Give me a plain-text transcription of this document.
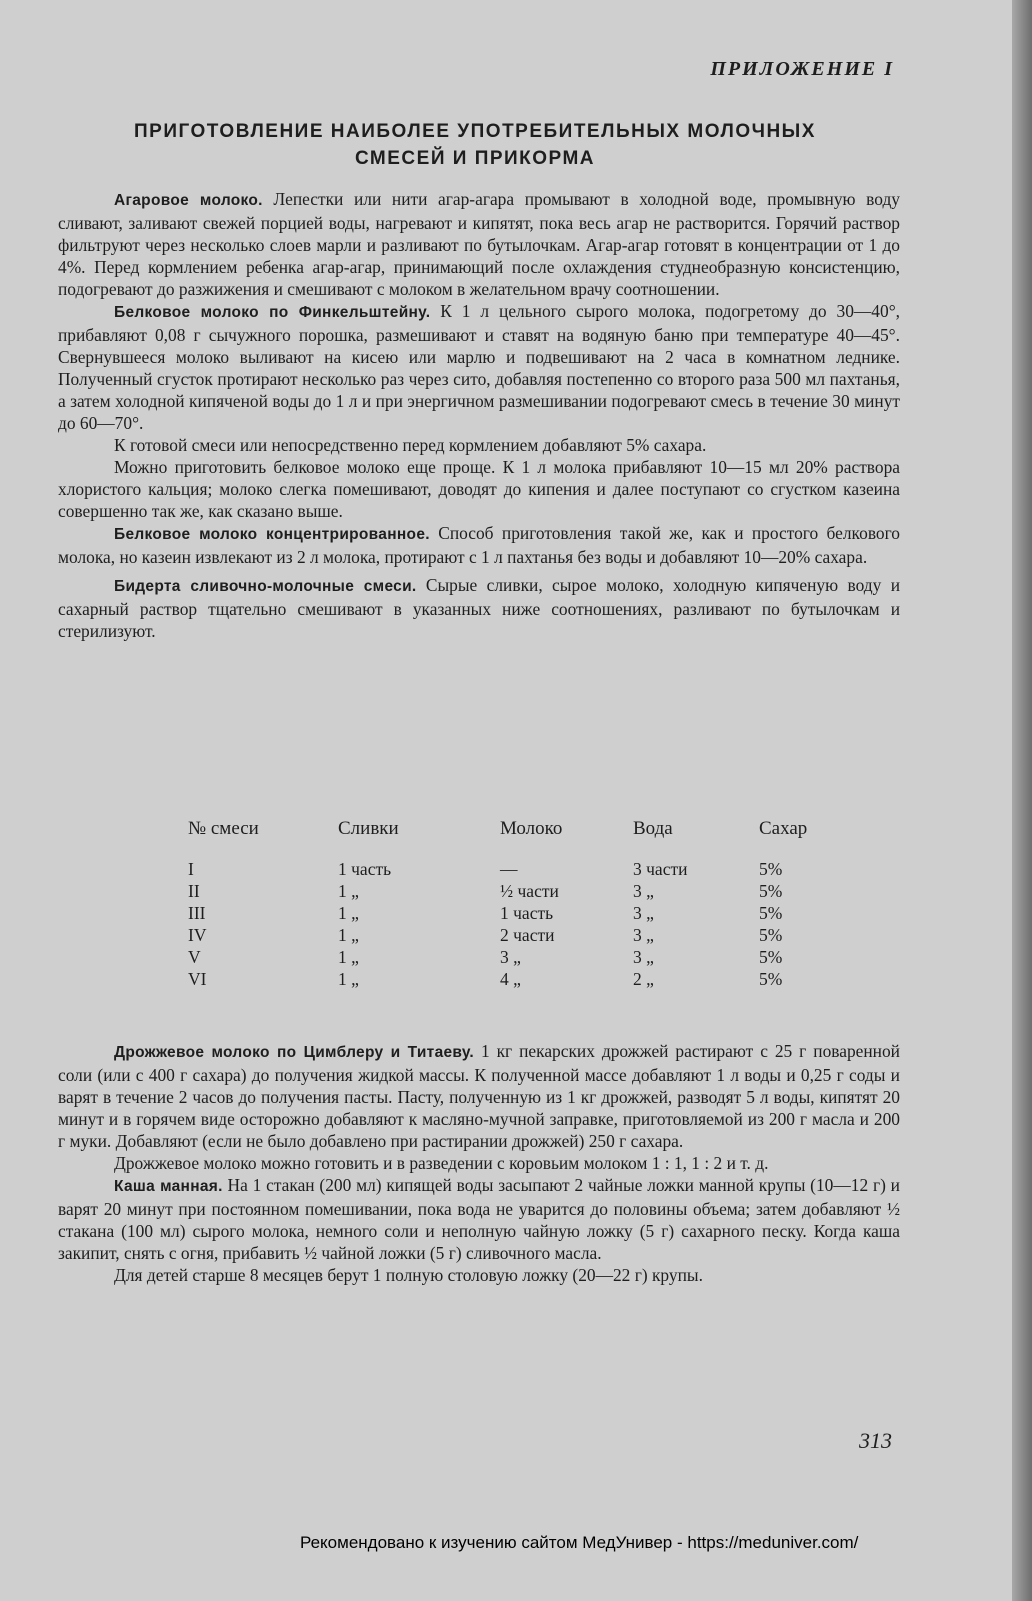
ПРИЛОЖЕНИЕ I
ПРИГОТОВЛЕНИЕ НАИБОЛЕЕ УПОТРЕБИТЕЛЬНЫХ МОЛОЧНЫХ
СМЕСЕЙ И ПРИКОРМА

Агаровое молоко. Лепестки или нити агар-агара промывают в холодной воде, промывную воду сливают, заливают свежей порцией воды, нагревают и кипятят, пока весь агар не растворится. Горячий раствор фильтруют через несколько слоев марли и разливают по бутылочкам. Агар-агар готовят в концентрации от 1 до 4%. Перед кормлением ребенка агар-агар, принимающий после охлаждения студнеобразную консистенцию, подогревают до разжижения и смешивают с молоком в желательном врачу соотношении.

Белковое молоко по Финкельштейну. К 1 л цельного сырого молока, подогретому до 30—40°, прибавляют 0,08 г сычужного порошка, размешивают и ставят на водяную баню при температуре 40—45°. Свернувшееся молоко выливают на кисею или марлю и подвешивают на 2 часа в комнатном леднике. Полученный сгусток протирают несколько раз через сито, добавляя постепенно со второго раза 500 мл пахтанья, а затем холодной кипяченой воды до 1 л и при энергичном размешивании подогревают смесь в течение 30 минут до 60—70°.

К готовой смеси или непосредственно перед кормлением добавляют 5% сахара.

Можно приготовить белковое молоко еще проще. К 1 л молока прибавляют 10—15 мл 20% раствора хлористого кальция; молоко слегка помешивают, доводят до кипения и далее поступают со сгустком казеина совершенно так же, как сказано выше.

Белковое молоко концентрированное. Способ приготовления такой же, как и простого белкового молока, но казеин извлекают из 2 л молока, протирают с 1 л пахтанья без воды и добавляют 10—20% сахара.

Бидерта сливочно-молочные смеси. Сырые сливки, сырое молоко, холодную кипяченую воду и сахарный раствор тщательно смешивают в указанных ниже соотношениях, разливают по бутылочкам и стерилизуют.

№ смеси	Сливки	Молоко	Вода	Сахар
I	1 часть	—	3 части	5%
II	1 „	½ части	3 „	5%
III	1 „	1 часть	3 „	5%
IV	1 „	2 части	3 „	5%
V	1 „	3 „	3 „	5%
VI	1 „	4 „	2 „	5%

Дрожжевое молоко по Цимблеру и Титаеву. 1 кг пекарских дрожжей растирают с 25 г поваренной соли (или с 400 г сахара) до получения жидкой массы. К полученной массе добавляют 1 л воды и 0,25 г соды и варят в течение 2 часов до получения пасты. Пасту, полученную из 1 кг дрожжей, разводят 5 л воды, кипятят 20 минут и в горячем виде осторожно добавляют к масляно-мучной заправке, приготовляемой из 200 г масла и 200 г муки. Добавляют (если не было добавлено при растирании дрожжей) 250 г сахара.

Дрожжевое молоко можно готовить и в разведении с коровьим молоком 1 : 1, 1 : 2 и т. д.

Каша манная. На 1 стакан (200 мл) кипящей воды засыпают 2 чайные ложки манной крупы (10—12 г) и варят 20 минут при постоянном помешивании, пока вода не уварится до половины объема; затем добавляют ½ стакана (100 мл) сырого молока, немного соли и неполную чайную ложку (5 г) сахарного песку. Когда каша закипит, снять с огня, прибавить ½ чайной ложки (5 г) сливочного масла.

Для детей старше 8 месяцев берут 1 полную столовую ложку (20—22 г) крупы.

313
Рекомендовано к изучению сайтом МедУнивер - https://meduniver.com/
